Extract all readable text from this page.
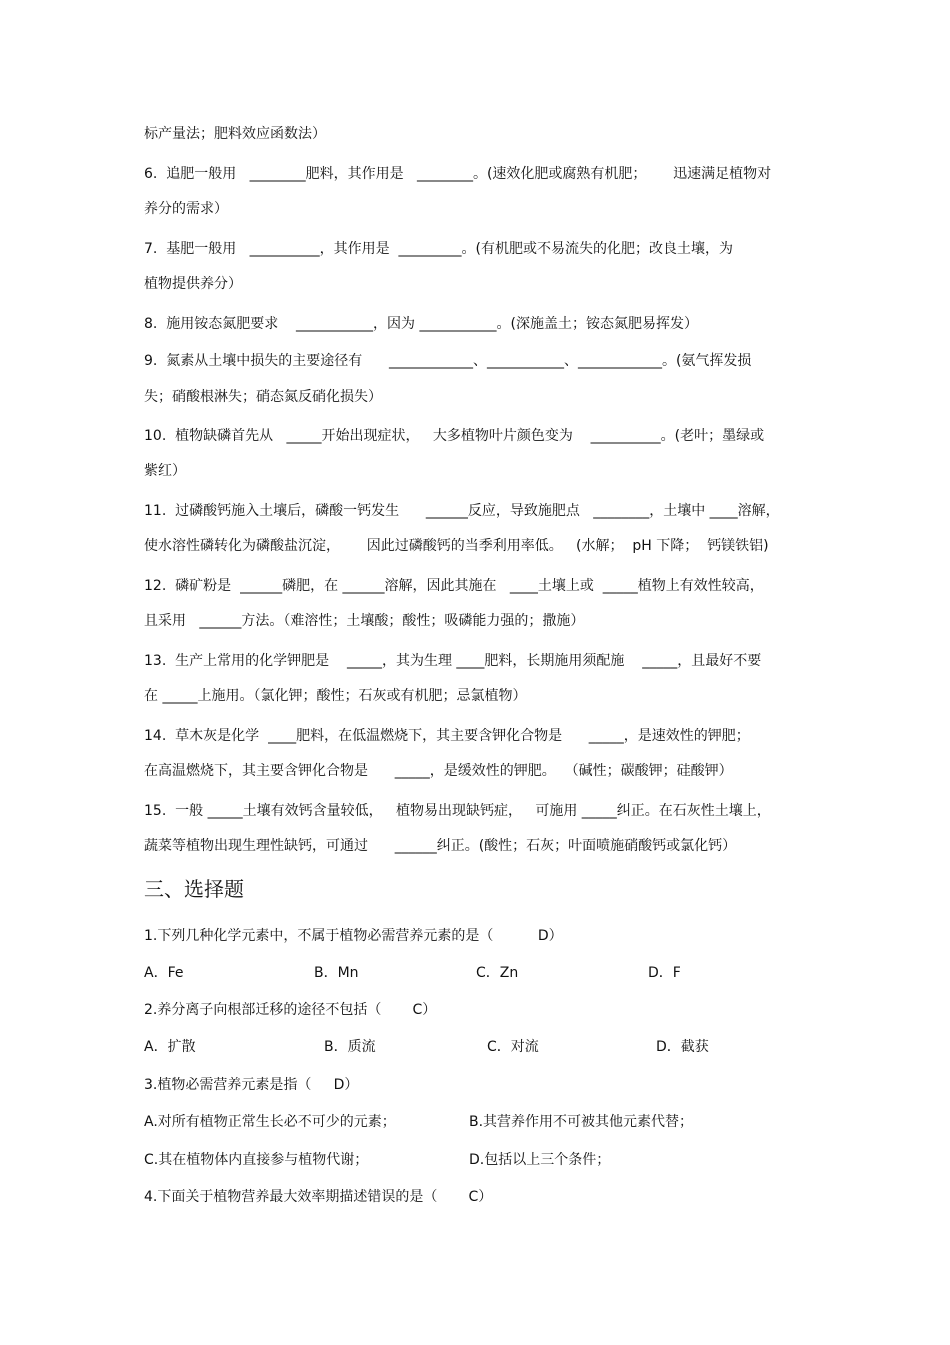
标产量法；肥料效应函数法）
6.  追肥一般用   ________肥料，其作用是   ________。(速效化肥或腐熟有机肥；      迅速满足植物对
养分的需求）
7.  基肥一般用   __________，其作用是  _________。(有机肥或不易流失的化肥；改良土壤，为
植物提供养分）
8.  施用铵态氮肥要求    ___________，因为 ___________。(深施盖土；铵态氮肥易挥发）
9.  氮素从土壤中损失的主要途径有      ____________、___________、____________。(氨气挥发损
失；硝酸根淋失；硝态氮反硝化损失）
10.  植物缺磷首先从   _____开始出现症状，   大多植物叶片颜色变为    __________。(老叶；墨绿或
紫红）
11.  过磷酸钙施入土壤后，磷酸一钙发生      ______反应，导致施肥点   ________，土壤中 ____溶解，
使水溶性磷转化为磷酸盐沉淀，      因此过磷酸钙的当季利用率低。   (水解；  pH 下降；  钙镁铁铝)
12.  磷矿粉是  ______磷肥，在 ______溶解，因此其施在   ____土壤上或  _____植物上有效性较高，
且采用   ______方法。（难溶性；土壤酸；酸性；吸磷能力强的；撒施）
13.  生产上常用的化学钾肥是    _____，其为生理 ____肥料，长期施用须配施    _____，且最好不要
在 _____上施用。（氯化钾；酸性；石灰或有机肥；忌氯植物）
14.  草木灰是化学  ____肥料，在低温燃烧下，其主要含钾化合物是      _____，是速效性的钾肥；
在高温燃烧下，其主要含钾化合物是      _____，是缓效性的钾肥。  （碱性；碳酸钾；硅酸钾）
15.  一般 _____土壤有效钙含量较低，   植物易出现缺钙症，   可施用 _____纠正。在石灰性土壤上，
蔬菜等植物出现生理性缺钙，可通过      ______纠正。(酸性；石灰；叶面喷施硝酸钙或氯化钙）
三、选择题
1.下列几种化学元素中，不属于植物必需营养元素的是（          D）
A．Fe	B．Mn	C．Zn	D．F
2.养分离子向根部迁移的途径不包括（       C）
A．扩散	B．质流	C．对流	D．截获
3.植物必需营养元素是指（     D）
A.对所有植物正常生长必不可少的元素；	B.其营养作用不可被其他元素代替；
C.其在植物体内直接参与植物代谢；	D.包括以上三个条件；
4.下面关于植物营养最大效率期描述错误的是（       C）
